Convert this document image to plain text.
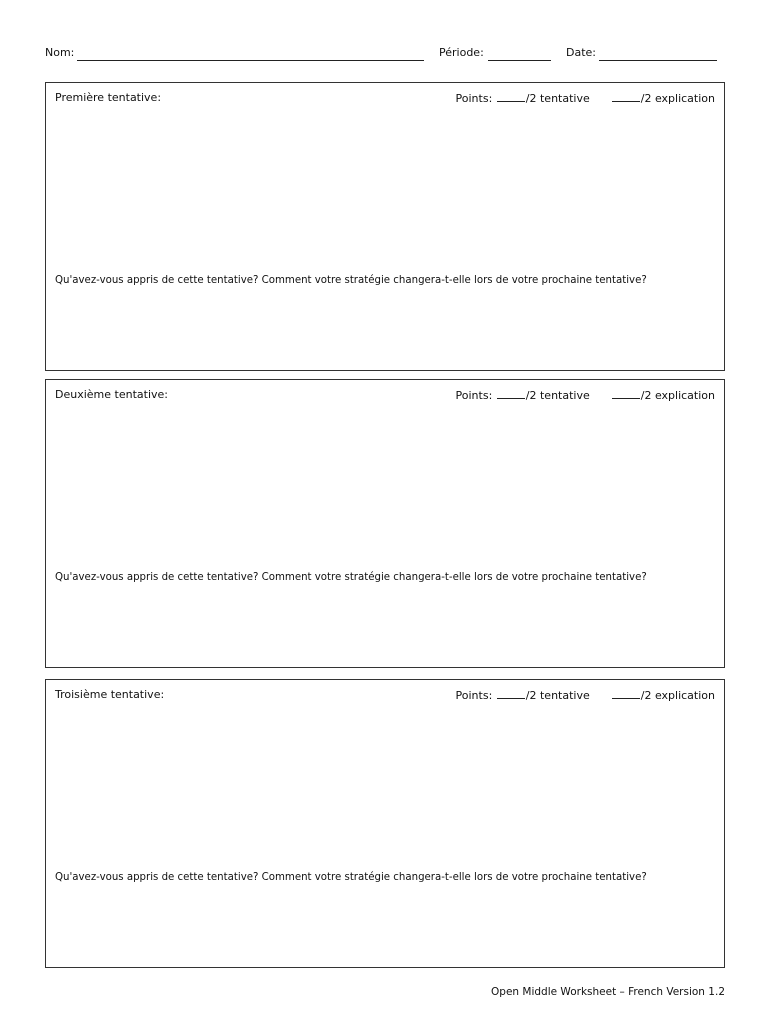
Nom:	Période:	Date:
Première tentative:	Points:	/2 tentative	/2 explication
Qu'avez-vous appris de cette tentative? Comment votre stratégie changera-t-elle lors de votre prochaine tentative?
Deuxième tentative:	Points:	/2 tentative	/2 explication
Qu'avez-vous appris de cette tentative? Comment votre stratégie changera-t-elle lors de votre prochaine tentative?
Troisième tentative:	Points:	/2 tentative	/2 explication
Qu'avez-vous appris de cette tentative? Comment votre stratégie changera-t-elle lors de votre prochaine tentative?
Open Middle Worksheet – French Version 1.2
